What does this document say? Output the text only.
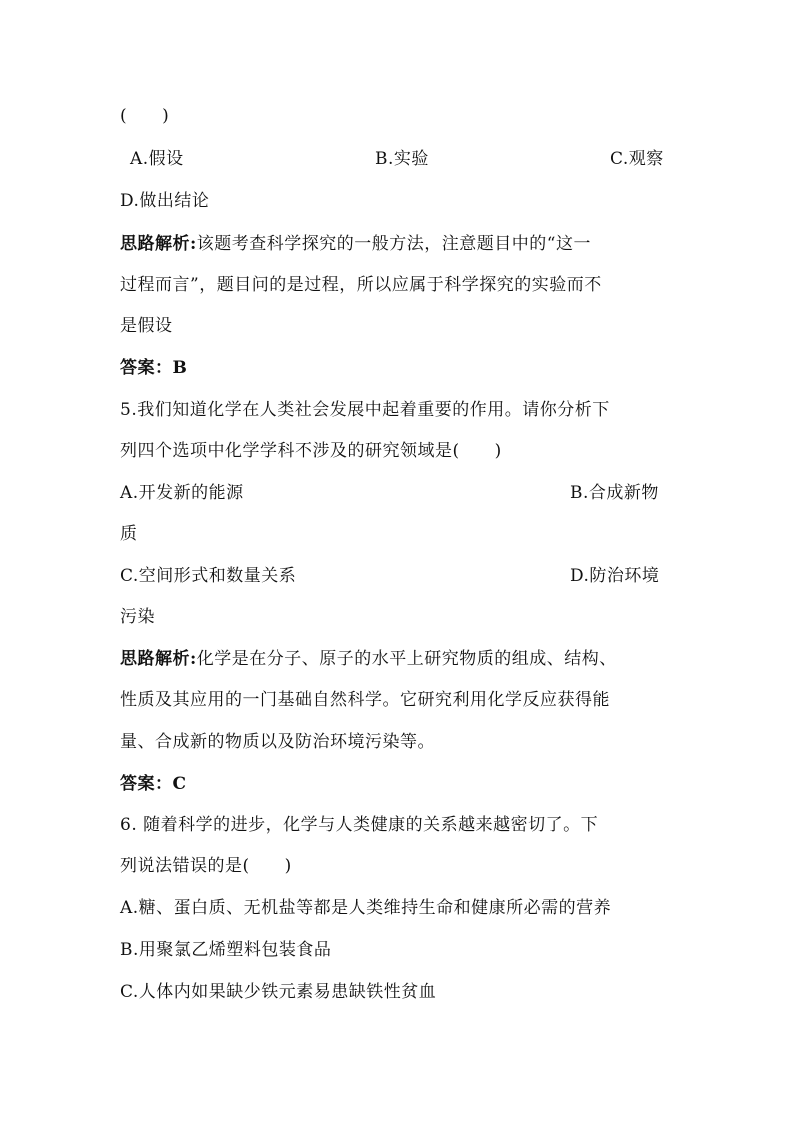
(　　)
A.假设	B.实验	C.观察
D.做出结论
思路解析:该题考查科学探究的一般方法，注意题目中的“这一
过程而言”，题目问的是过程，所以应属于科学探究的实验而不
是假设
答案：B
5.我们知道化学在人类社会发展中起着重要的作用。请你分析下
列四个选项中化学学科不涉及的研究领域是(　　)
A.开发新的能源	B.合成新物
质
C.空间形式和数量关系	D.防治环境
污染
思路解析:化学是在分子、原子的水平上研究物质的组成、结构、
性质及其应用的一门基础自然科学。它研究利用化学反应获得能
量、合成新的物质以及防治环境污染等。
答案：C
6. 随着科学的进步，化学与人类健康的关系越来越密切了。下
列说法错误的是(　　)
A.糖、蛋白质、无机盐等都是人类维持生命和健康所必需的营养
B.用聚氯乙烯塑料包装食品
C.人体内如果缺少铁元素易患缺铁性贫血
